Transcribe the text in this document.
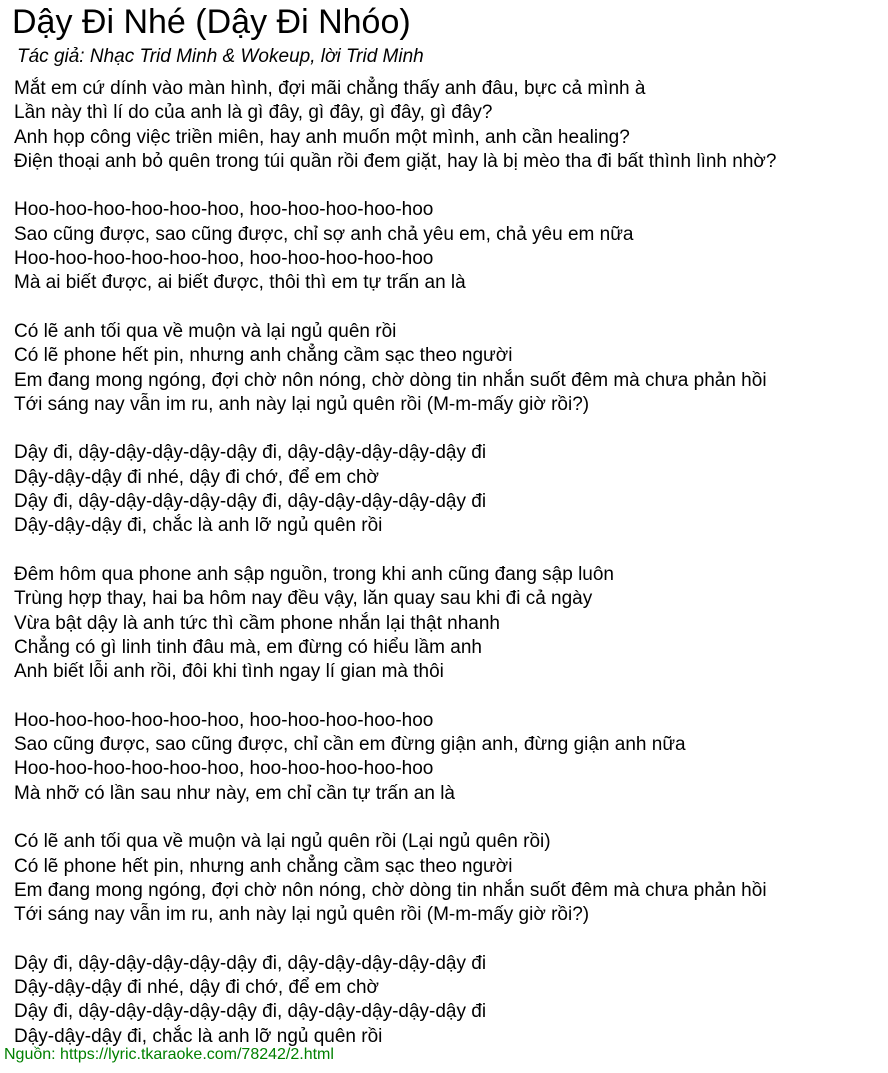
Dậy Đi Nhé (Dậy Đi Nhóo)
Tác giả: Nhạc Trid Minh & Wokeup, lời Trid Minh
Mắt em cứ dính vào màn hình, đợi mãi chẳng thấy anh đâu, bực cả mình à
Lần này thì lí do của anh là gì đây, gì đây, gì đây, gì đây?
Anh họp công việc triền miên, hay anh muốn một mình, anh cần healing?
Điện thoại anh bỏ quên trong túi quần rồi đem giặt, hay là bị mèo tha đi bất thình lình nhờ?
Hoo-hoo-hoo-hoo-hoo-hoo, hoo-hoo-hoo-hoo-hoo
Sao cũng được, sao cũng được, chỉ sợ anh chả yêu em, chả yêu em nữa
Hoo-hoo-hoo-hoo-hoo-hoo, hoo-hoo-hoo-hoo-hoo
Mà ai biết được, ai biết được, thôi thì em tự trấn an là
Có lẽ anh tối qua về muộn và lại ngủ quên rồi
Có lẽ phone hết pin, nhưng anh chẳng cầm sạc theo người
Em đang mong ngóng, đợi chờ nôn nóng, chờ dòng tin nhắn suốt đêm mà chưa phản hồi
Tới sáng nay vẫn im ru, anh này lại ngủ quên rồi (M-m-mấy giờ rồi?)
Dậy đi, dậy-dậy-dậy-dậy-dậy đi, dậy-dậy-dậy-dậy-dậy đi
Dậy-dậy-dậy đi nhé, dậy đi chớ, để em chờ
Dậy đi, dậy-dậy-dậy-dậy-dậy đi, dậy-dậy-dậy-dậy-dậy đi
Dậy-dậy-dậy đi, chắc là anh lỡ ngủ quên rồi
Đêm hôm qua phone anh sập nguồn, trong khi anh cũng đang sập luôn
Trùng hợp thay, hai ba hôm nay đều vậy, lăn quay sau khi đi cả ngày
Vừa bật dậy là anh tức thì cầm phone nhắn lại thật nhanh
Chẳng có gì linh tinh đâu mà, em đừng có hiểu lầm anh
Anh biết lỗi anh rồi, đôi khi tình ngay lí gian mà thôi
Hoo-hoo-hoo-hoo-hoo-hoo, hoo-hoo-hoo-hoo-hoo
Sao cũng được, sao cũng được, chỉ cần em đừng giận anh, đừng giận anh nữa
Hoo-hoo-hoo-hoo-hoo-hoo, hoo-hoo-hoo-hoo-hoo
Mà nhỡ có lần sau như này, em chỉ cần tự trấn an là
Có lẽ anh tối qua về muộn và lại ngủ quên rồi (Lại ngủ quên rồi)
Có lẽ phone hết pin, nhưng anh chẳng cầm sạc theo người
Em đang mong ngóng, đợi chờ nôn nóng, chờ dòng tin nhắn suốt đêm mà chưa phản hồi
Tới sáng nay vẫn im ru, anh này lại ngủ quên rồi (M-m-mấy giờ rồi?)
Dậy đi, dậy-dậy-dậy-dậy-dậy đi, dậy-dậy-dậy-dậy-dậy đi
Dậy-dậy-dậy đi nhé, dậy đi chớ, để em chờ
Dậy đi, dậy-dậy-dậy-dậy-dậy đi, dậy-dậy-dậy-dậy-dậy đi
Dậy-dậy-dậy đi, chắc là anh lỡ ngủ quên rồi
Nguồn: https://lyric.tkaraoke.com/78242/2.html
